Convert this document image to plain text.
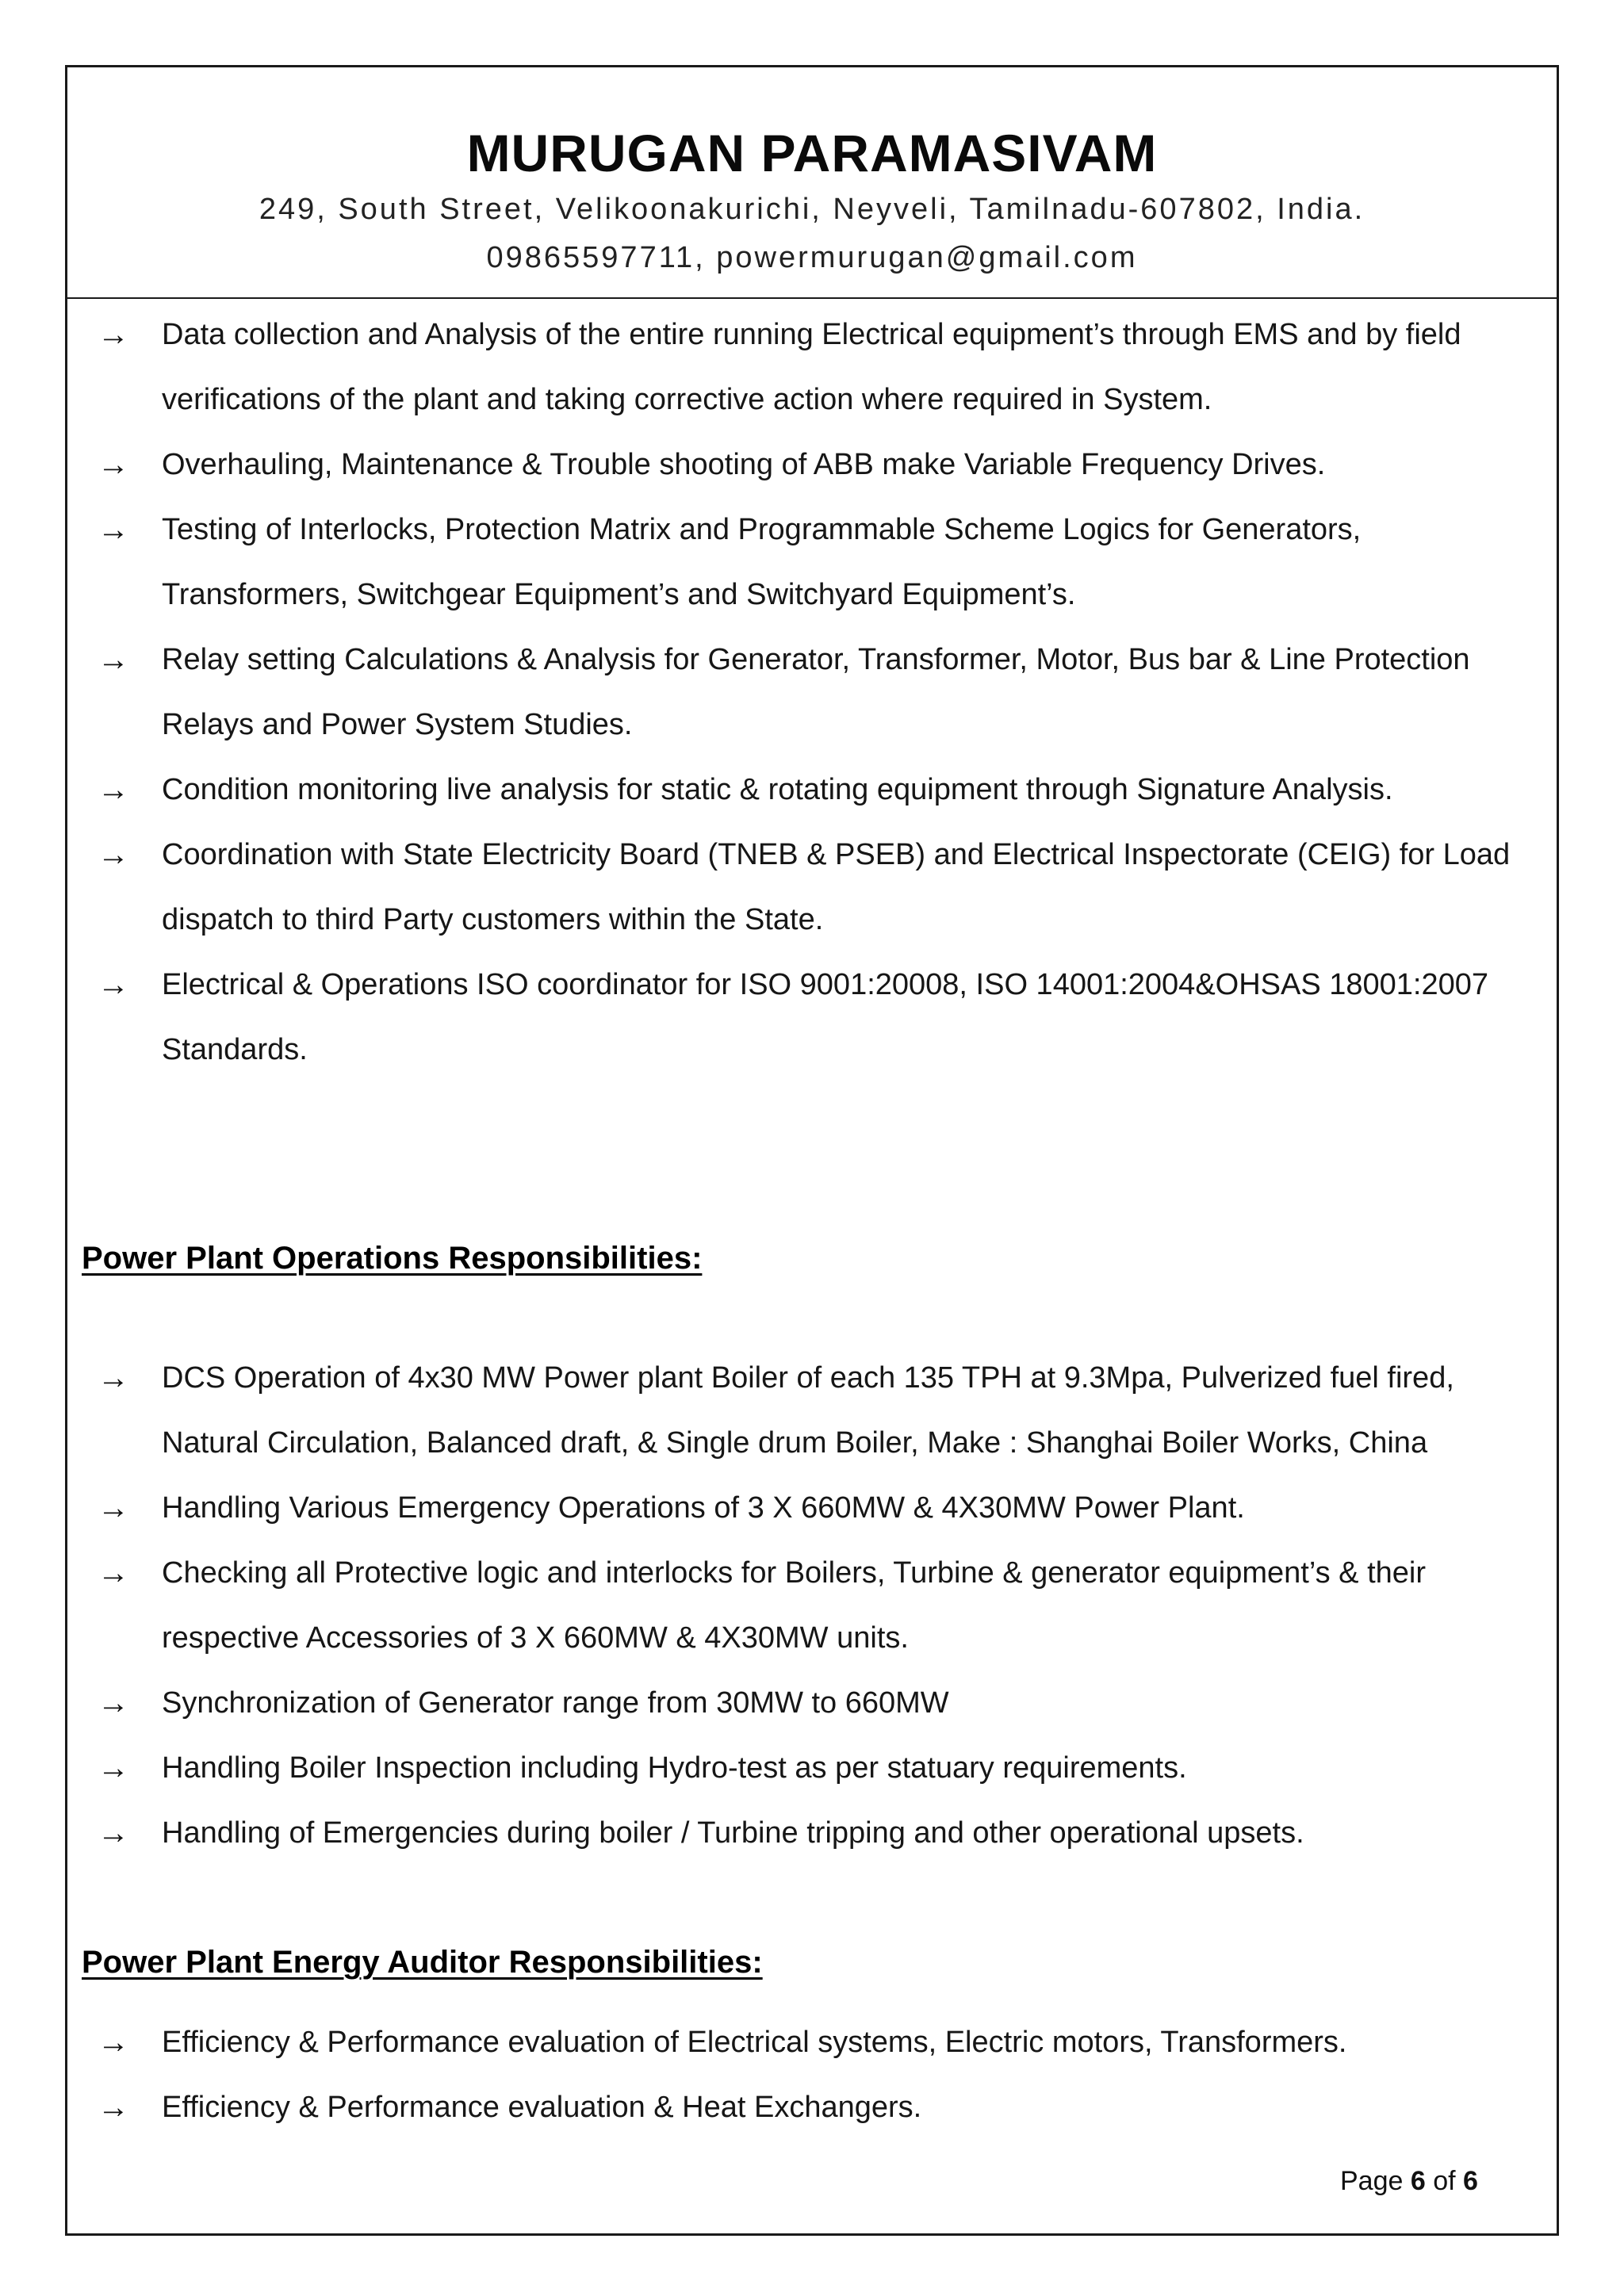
MURUGAN PARAMASIVAM
249, South Street, Velikoonakurichi, Neyveli, Tamilnadu-607802, India.
09865597711, powermurugan@gmail.com
→	Data collection and Analysis of the entire running Electrical equipment’s through EMS and by field verifications of the plant and taking corrective action where required in System.
→	Overhauling, Maintenance & Trouble shooting of ABB make Variable Frequency Drives.
→	Testing of Interlocks, Protection Matrix and Programmable Scheme Logics for Generators, Transformers, Switchgear Equipment’s and Switchyard Equipment’s.
→	Relay setting Calculations & Analysis for Generator, Transformer, Motor, Bus bar & Line Protection Relays and Power System Studies.
→	Condition monitoring live analysis for static & rotating equipment through Signature Analysis.
→	Coordination with State Electricity Board (TNEB & PSEB) and Electrical Inspectorate (CEIG) for Load dispatch to third Party customers within the State.
→	Electrical & Operations ISO coordinator for ISO 9001:20008, ISO 14001:2004&OHSAS 18001:2007 Standards.
Power Plant Operations Responsibilities:
→	DCS Operation of 4x30 MW Power plant Boiler of each 135 TPH at 9.3Mpa, Pulverized fuel fired, Natural Circulation, Balanced draft, & Single drum Boiler, Make : Shanghai Boiler Works, China
→	Handling Various Emergency Operations of 3 X 660MW & 4X30MW Power Plant.
→	Checking all Protective logic and interlocks for Boilers, Turbine & generator equipment’s & their respective Accessories of 3 X 660MW & 4X30MW units.
→	Synchronization of Generator range from 30MW to 660MW
→	Handling Boiler Inspection including Hydro-test as per statuary requirements.
→	Handling of Emergencies during boiler / Turbine tripping and other operational upsets.
Power Plant Energy Auditor Responsibilities:
→	Efficiency & Performance evaluation of Electrical systems, Electric motors, Transformers.
→	Efficiency & Performance evaluation & Heat Exchangers.
Page 6 of 6
